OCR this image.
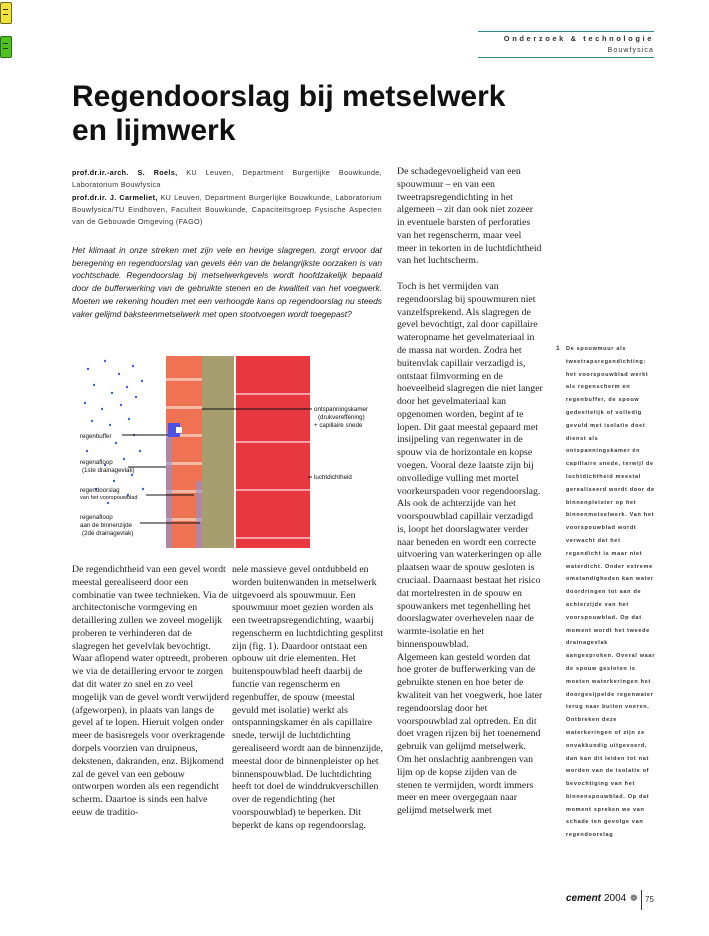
Onderzoek & technologie
Bouwfysica
Regendoorslag bij metselwerk
en lijmwerk

prof.dr.ir.-arch. S. Roels, KU Leuven, Department Burgerlijke Bouwkunde, Laboratorium Bouwfysica

prof.dr.ir. J. Carmeliet, KU Leuven, Department Burgerlijke Bouwkunde, Laboratorium Bouwfysica/TU Eindhoven, Faculteit Bouwkunde, Capaciteitsgroep Fysische Aspecten van de Gebouwde Omgeving (FAGO)

Het klimaat in onze streken met zijn vele en hevige slagregen, zorgt ervoor dat beregening en regendoorslag van gevels één van de belangrijkste oorzaken is van vochtschade. Regendoorslag bij metselwerkgevels wordt hoofdzakelijk bepaald door de bufferwerking van de gebruikte stenen en de kwaliteit van het voegwerk. Moeten we rekening houden met een verhoogde kans op regendoorslag nu steeds vaker gelijmd baksteenmetselwerk met open stootvoegen wordt toegepast?

regenbuffer
regenafloop
(1ste drainagevlak)
regendoorslag
van het voorspouwblad
regenafloop
aan de binnenzijde
(2de drainagevlak)
ontspanningskamer
(drukvereffening)
+ capillaire snede
luchtdichtheid

De regendichtheid van een gevel wordt meestal gerealiseerd door een combinatie van twee technieken. Via de architectonische vormgeving en detaillering zullen we zoveel mogelijk proberen te verhinderen dat de slagregen het gevelvlak bevochtigt. Waar aflopend water optreedt, proberen we via de detaillering ervoor te zorgen dat dit water zo snel en zo veel mogelijk van de gevel wordt verwijderd (afgeworpen), in plaats van langs de gevel af te lopen. Hieruit volgen onder meer de basisregels voor overkragende dorpels voorzien van druipneus, dekstenen, dakranden, enz. Bijkomend zal de gevel van een gebouw ontworpen worden als een regendicht scherm. Daartoe is sinds een halve eeuw de traditio-

nele massieve gevel ontdubbeld en worden buitenwanden in metselwerk uitgevoerd als spouwmuur. Een spouwmuur moet gezien worden als een tweetrapsregendichting, waarbij regenscherm en luchtdichting gesplitst zijn (fig. 1). Daardoor ontstaat een opbouw uit drie elementen. Het buitenspouwblad heeft daarbij de functie van regenscherm en regenbuffer, de spouw (meestal gevuld met isolatie) werkt als ontspanningskamer én als capillaire snede, terwijl de luchtdichting gerealiseerd wordt aan de binnenzijde, meestal door de binnenpleister op het binnenspouwblad. De luchtdichting heeft tot doel de winddrukverschillen over de regendichting (het voorspouwblad) te beperken. Dit beperkt de kans op regendoorslag.

De schadegevoeligheid van een spouwmuur – en van een tweetrapsregendichting in het algemeen – zit dan ook niet zozeer in eventuele barsten of perforaties van het regenscherm, maar veel meer in tekorten in de luchtdichtheid van het luchtscherm.

Toch is het vermijden van regendoorslag bij spouwmuren niet vanzelfsprekend. Als slagregen de gevel bevochtigt, zal door capillaire wateropname het gevelmateriaal in de massa nat worden. Zodra het buitenvlak capillair verzadigd is, ontstaat filmvorming en de hoeveelheid slagregen die niet langer door het gevelmateriaal kan opgenomen worden, begint af te lopen. Dit gaat meestal gepaard met insijpeling van regenwater in de spouw via de horizontale en kopse voegen. Vooral deze laatste zijn bij onvolledige vulling met mortel voorkeurspaden voor regendoorslag. Als ook de achterzijde van het voorspouwblad capillair verzadigd is, loopt het doorslagwater verder naar beneden en wordt een correcte uitvoering van waterkeringen op alle plaatsen waar de spouw gesloten is cruciaal. Daarnaast bestaat het risico dat mortelresten in de spouw en spouwankers met tegenhelling het doorslagwater overhevelen naar de warmte-isolatie en het binnenspouwblad.

Algemeen kan gesteld worden dat hoe groter de bufferwerking van de gebruikte stenen en hoe beter de kwaliteit van het voegwerk, hoe later regendoorslag door het voorspouwblad zal optreden. En dit doet vragen rijzen bij het toenemend gebruik van gelijmd metselwerk. Om het onslachtig aanbrengen van lijm op de kopse zijden van de stenen te vermijden, wordt immers meer en meer overgegaan naar gelijmd metselwerk met

1 De spouwmuur als tweetrapsregendichting: het voorspouwblad werkt als regenscherm en regenbuffer, de spouw gedeeltelijk of volledig gevuld met isolatie doet dienst als ontspanningskamer én capillaire snede, terwijl de luchtdichtheid meestal gerealiseerd wordt door de binnenpleister op het binnenmetselwerk. Van het voorspouwblad wordt verwacht dat het regendicht is maar niet waterdicht. Onder extreme omstandigheden kan water doordringen tot aan de achterzijde van het voorspouwblad. Op dat moment wordt het tweede drainagevlak aangesproken. Overal waar de spouw gesloten is moeten waterkeringen het doorgesijpelde regenwater terug naar buiten voeren. Ontbreken deze waterkeringen of zijn ze onvakkundig uitgevoerd, dan kan dit leiden tot nat worden van de isolatie of bevochtiging van het binnenspouwblad. Op dat moment spreken we van schade ten gevolge van regendoorslag
cement 2004 ❁ 75
